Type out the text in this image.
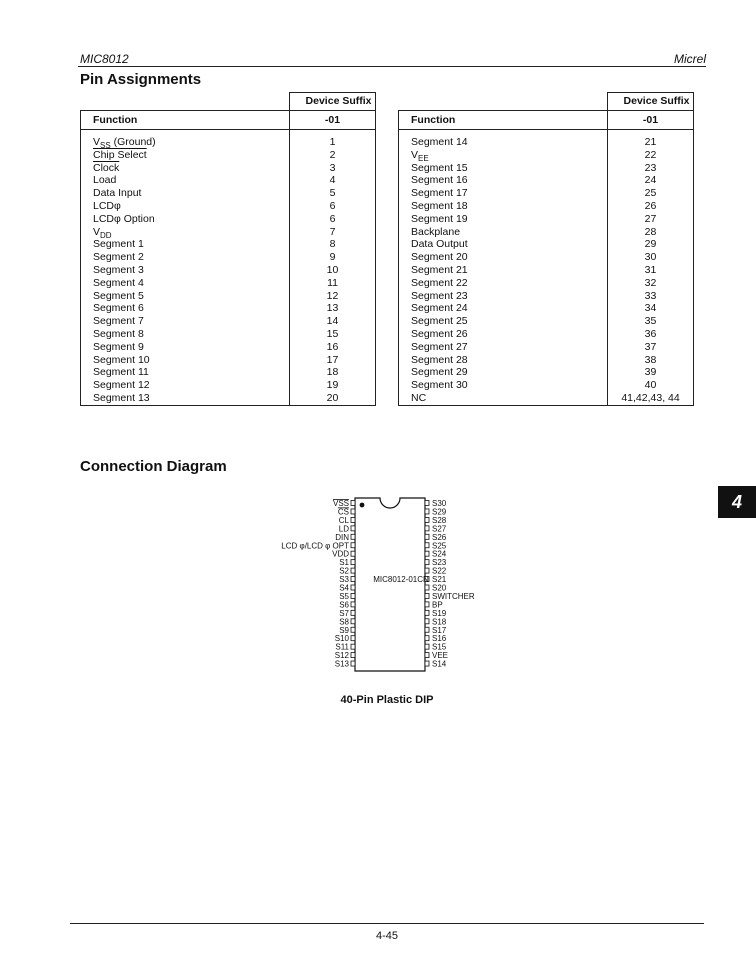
MIC8012	Micrel
Pin Assignments
	Device Suffix
Function	-01

$V_{SS}$ (Ground)	1
Chip Select	2
Clock	3
Load	4
Data Input	5
LCDφ	6
LCDφ Option	6
$V_{DD}$	7
Segment 1	8
Segment 2	9
Segment 3	10
Segment 4	11
Segment 5	12
Segment 6	13
Segment 7	14
Segment 8	15
Segment 9	16
Segment 10	17
Segment 11	18
Segment 12	19
Segment 13	20
	Device Suffix
Function	-01

Segment 14	21
$V_{EE}$	22
Segment 15	23
Segment 16	24
Segment 17	25
Segment 18	26
Segment 19	27
Backplane	28
Data Output	29
Segment 20	30
Segment 21	31
Segment 22	32
Segment 23	33
Segment 24	34
Segment 25	35
Segment 26	36
Segment 27	37
Segment 28	38
Segment 29	39
Segment 30	40
NC	41,42,43, 44
Connection Diagram
4
VSS
CS
CL
LD
DIN
LCD φ/LCD φ OPT
VDD
S1
S2
S3
S4
S5
S6
S7
S8
S9
S10
S11
S12
S13
S30
S29
S28
S27
S26
S25
S24
S23
S22
S21
S20
SWITCHER
BP
S19
S18
S17
S16
S15
VEE
S14
MIC8012-01CN
40-Pin Plastic DIP
4-45
